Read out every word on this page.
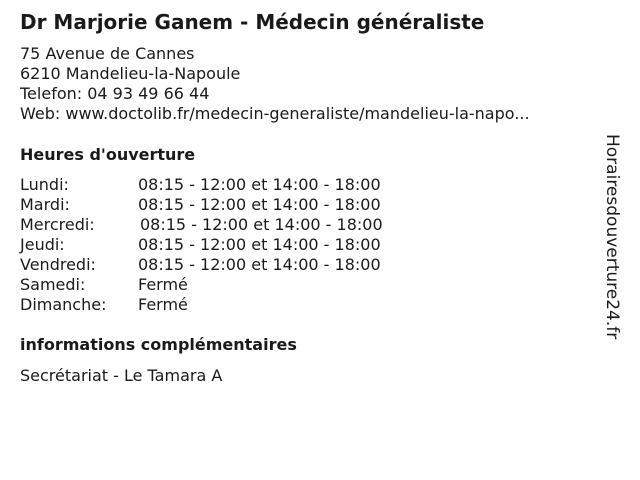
Dr Marjorie Ganem - Médecin généraliste
75 Avenue de Cannes
6210 Mandelieu-la-Napoule
Telefon: 04 93 49 66 44
Web: www.doctolib.fr/medecin-generaliste/mandelieu-la-napo...
Heures d'ouverture
Lundi:	08:15 - 12:00 et 14:00 - 18:00
Mardi:	08:15 - 12:00 et 14:00 - 18:00
Mercredi:	08:15 - 12:00 et 14:00 - 18:00
Jeudi:	08:15 - 12:00 et 14:00 - 18:00
Vendredi:	08:15 - 12:00 et 14:00 - 18:00
Samedi:	Fermé
Dimanche:	Fermé
informations complémentaires
Secrétariat - Le Tamara A
Horairesdouverture24.fr
